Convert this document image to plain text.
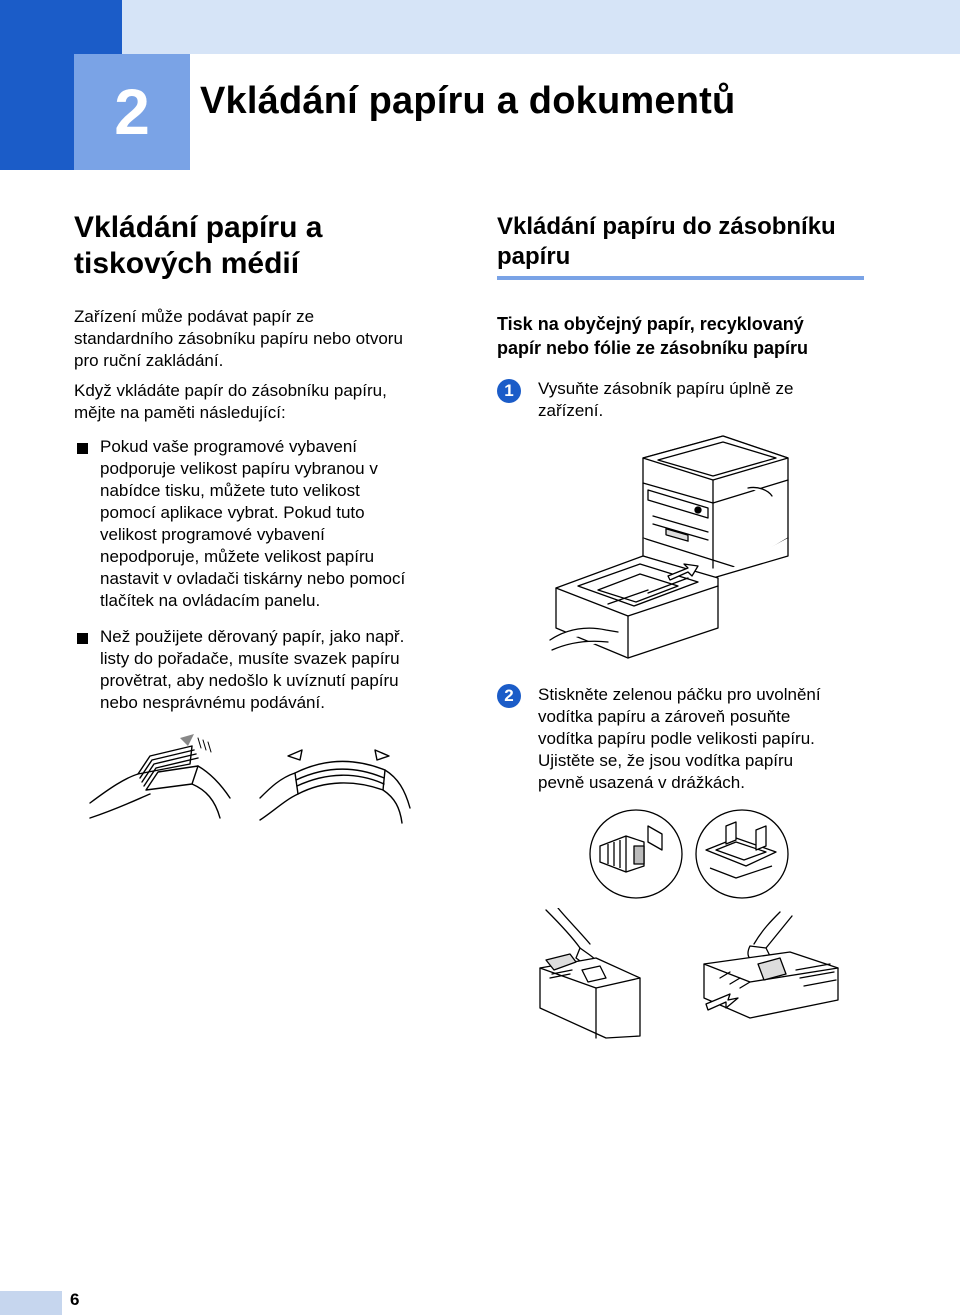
2	Vkládání papíru a dokumentů
Vkládání papíru a
tiskových médií
Zařízení může podávat papír ze
standardního zásobníku papíru nebo otvoru
pro ruční zakládání.
Když vkládáte papír do zásobníku papíru,
mějte na paměti následující:
Pokud vaše programové vybavení
podporuje velikost papíru vybranou v
nabídce tisku, můžete tuto velikost
pomocí aplikace vybrat. Pokud tuto
velikost programové vybavení
nepodporuje, můžete velikost papíru
nastavit v ovladači tiskárny nebo pomocí
tlačítek na ovládacím panelu.
Než použijete děrovaný papír, jako např.
listy do pořadače, musíte svazek papíru
provětrat, aby nedošlo k uvíznutí papíru
nebo nesprávnému podávání.
Vkládání papíru do zásobníku
papíru
Tisk na obyčejný papír, recyklovaný
papír nebo fólie ze zásobníku papíru
1	Vysuňte zásobník papíru úplně ze
zařízení.
2	Stiskněte zelenou páčku pro uvolnění
vodítka papíru a zároveň posuňte
vodítka papíru podle velikosti papíru.
Ujistěte se, že jsou vodítka papíru
pevně usazená v drážkách.
6
